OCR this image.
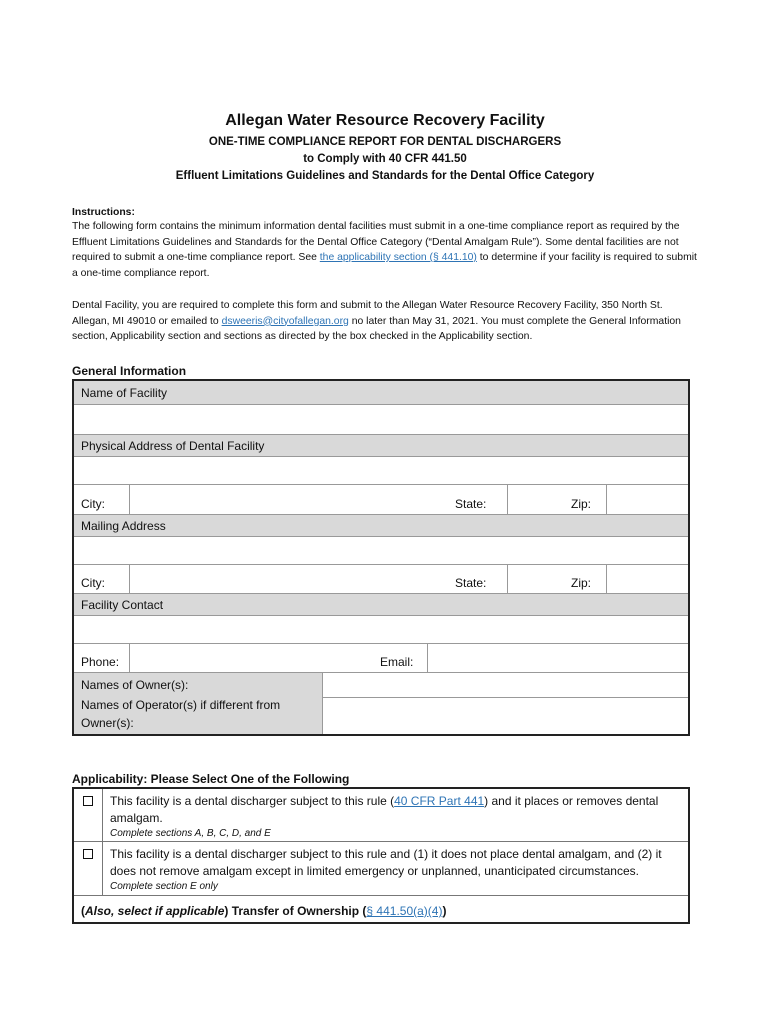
Allegan Water Resource Recovery Facility
ONE-TIME COMPLIANCE REPORT FOR DENTAL DISCHARGERS
to Comply with 40 CFR 441.50
Effluent Limitations Guidelines and Standards for the Dental Office Category
Instructions:
The following form contains the minimum information dental facilities must submit in a one-time compliance report as required by the Effluent Limitations Guidelines and Standards for the Dental Office Category (“Dental Amalgam Rule”). Some dental facilities are not required to submit a one-time compliance report. See the applicability section (§ 441.10) to determine if your facility is required to submit a one-time compliance report.
Dental Facility, you are required to complete this form and submit to the Allegan Water Resource Recovery Facility, 350 North St. Allegan, MI 49010 or emailed to dsweeris@cityofallegan.org no later than May 31, 2021. You must complete the General Information section, Applicability section and sections as directed by the box checked in the Applicability section.
General Information
Name of Facility
Physical Address of Dental Facility
City:	State:	Zip:
Mailing Address
City:	State:	Zip:
Facility Contact
Phone:	Email:
Names of Owner(s):
Names of Operator(s) if different from Owner(s):
Applicability: Please Select One of the Following
This facility is a dental discharger subject to this rule (40 CFR Part 441) and it places or removes dental amalgam.
Complete sections A, B, C, D, and E
This facility is a dental discharger subject to this rule and (1) it does not place dental amalgam, and (2) it does not remove amalgam except in limited emergency or unplanned, unanticipated circumstances.
Complete section E only
(Also, select if applicable) Transfer of Ownership (§ 441.50(a)(4))
